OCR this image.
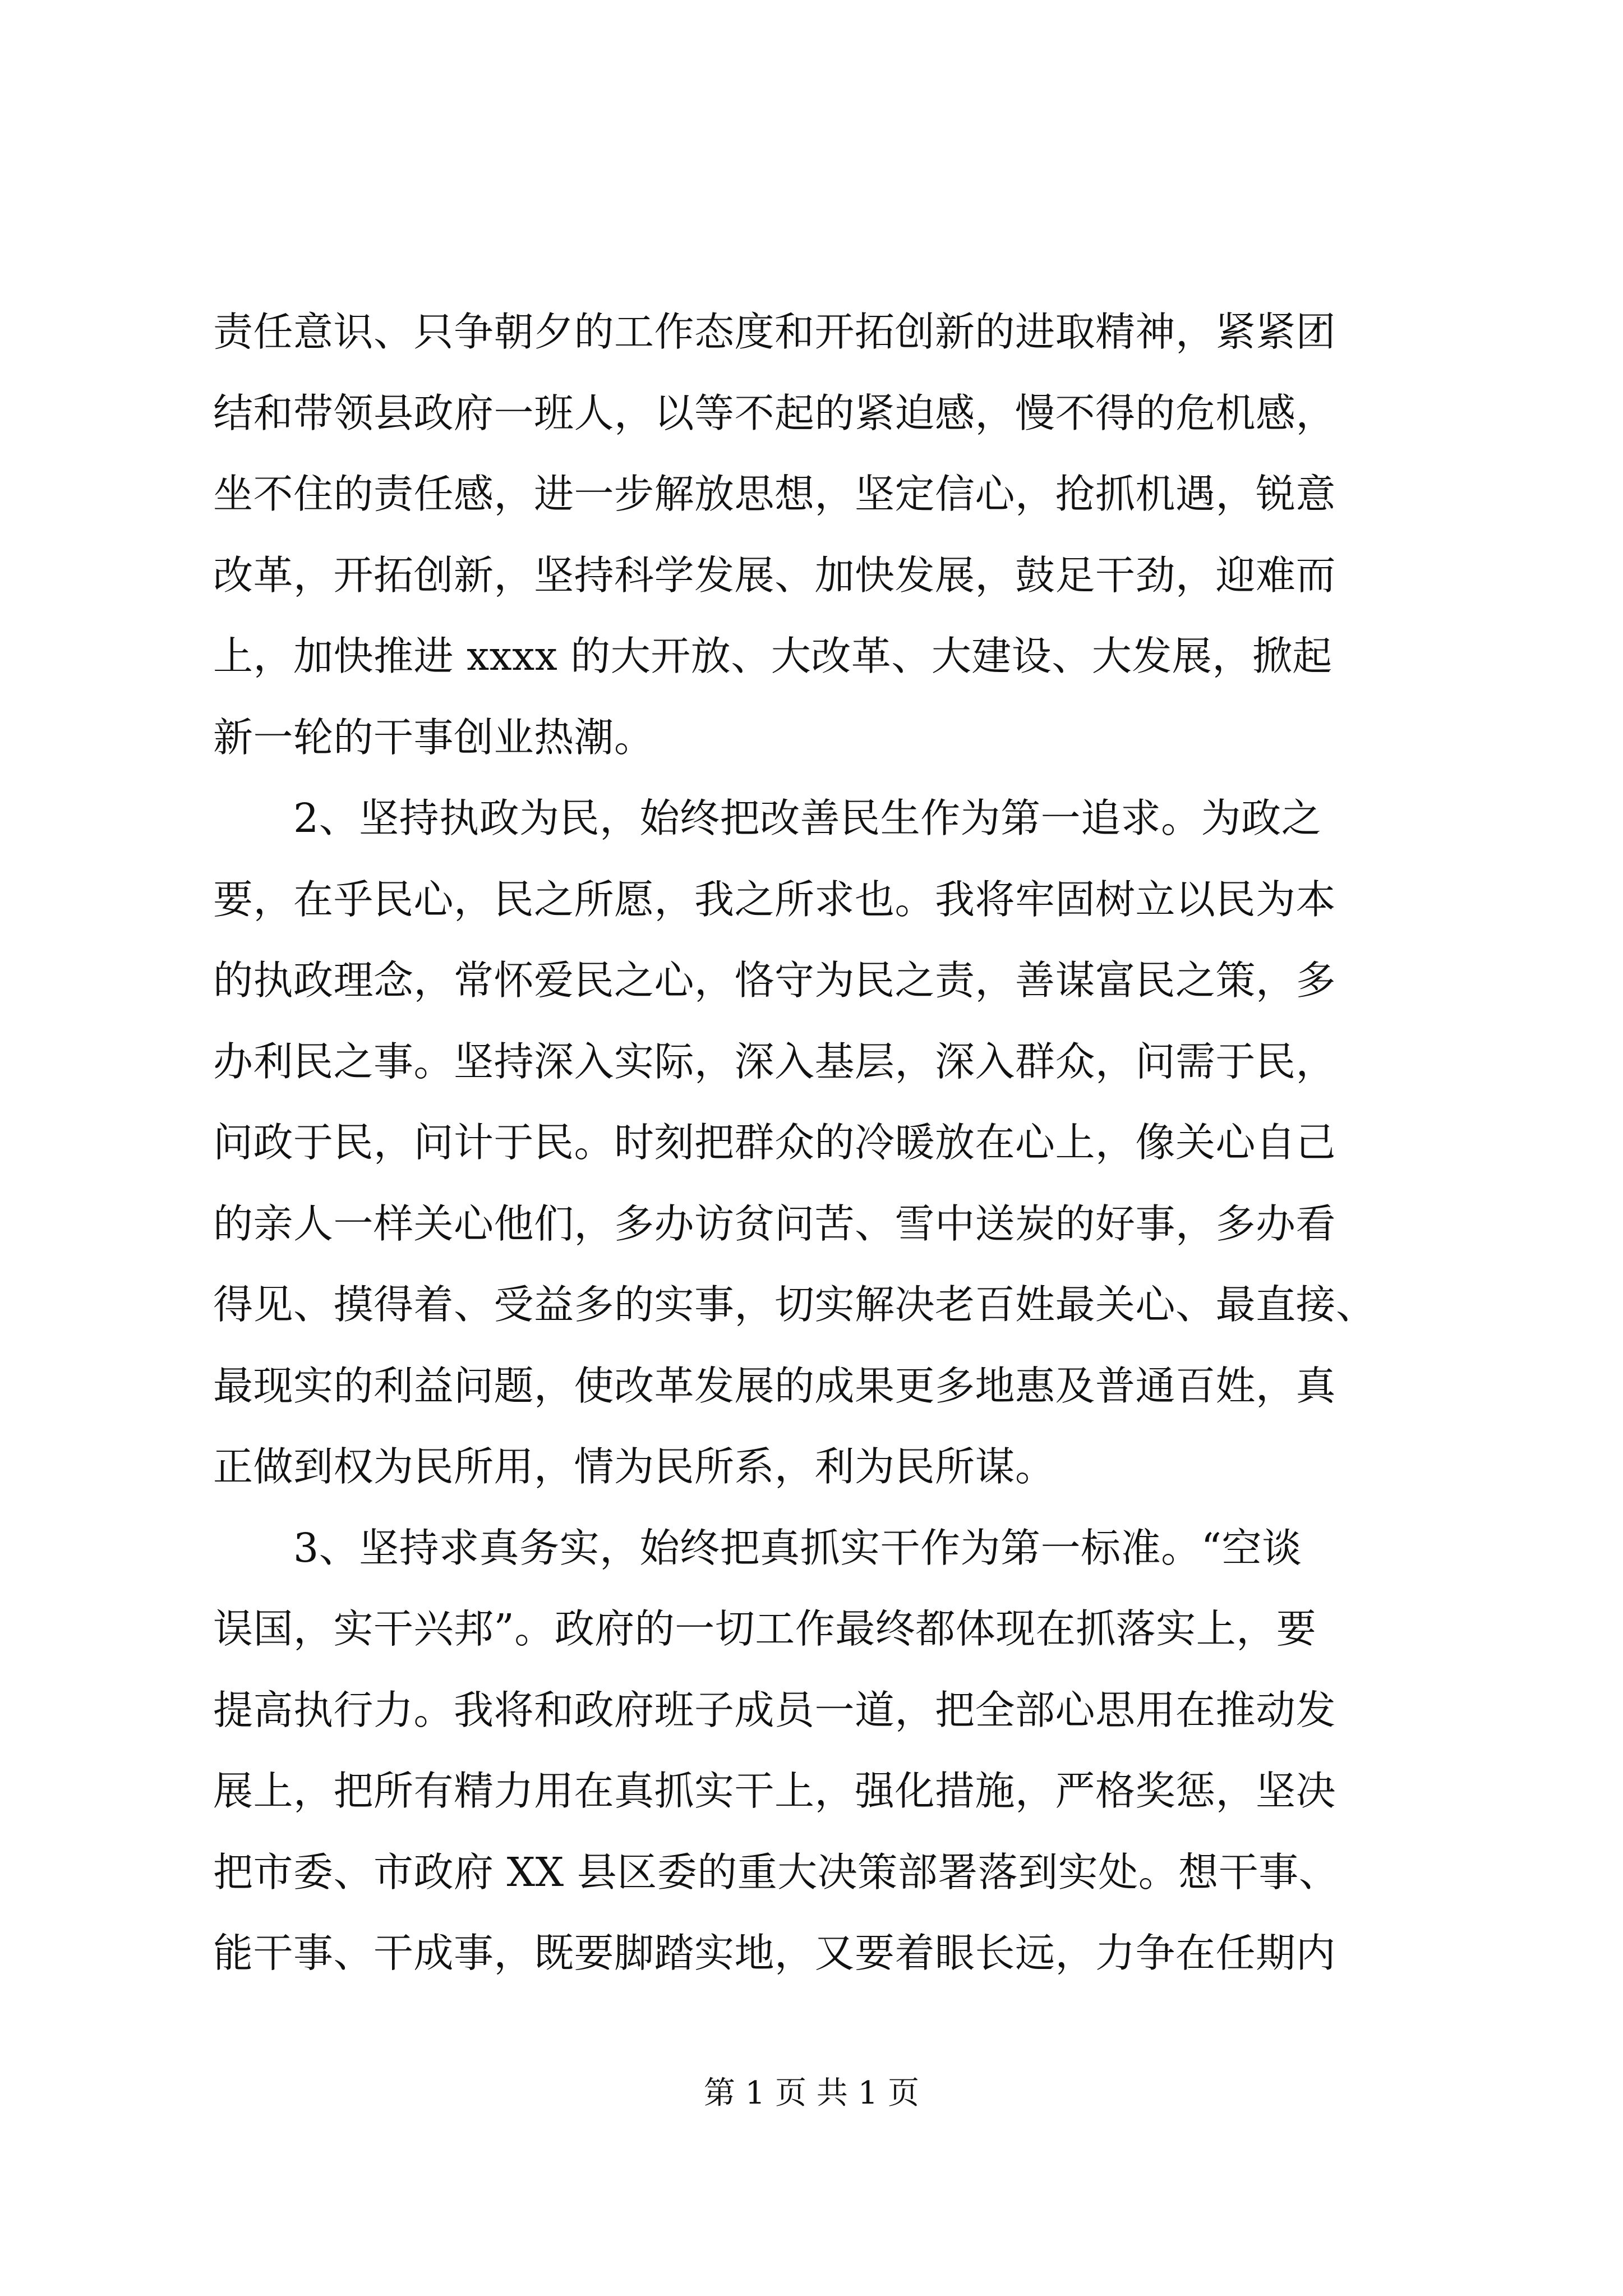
责任意识、只争朝夕的工作态度和开拓创新的进取精神，紧紧团
结和带领县政府一班人，以等不起的紧迫感，慢不得的危机感，
坐不住的责任感，进一步解放思想，坚定信心，抢抓机遇，锐意
改革，开拓创新，坚持科学发展、加快发展，鼓足干劲，迎难而
上，加快推进 xxxx 的大开放、大改革、大建设、大发展，掀起
新一轮的干事创业热潮。
　　2、坚持执政为民，始终把改善民生作为第一追求。为政之
要，在乎民心，民之所愿，我之所求也。我将牢固树立以民为本
的执政理念，常怀爱民之心，恪守为民之责，善谋富民之策，多
办利民之事。坚持深入实际，深入基层，深入群众，问需于民，
问政于民，问计于民。时刻把群众的冷暖放在心上，像关心自己
的亲人一样关心他们，多办访贫问苦、雪中送炭的好事，多办看
得见、摸得着、受益多的实事，切实解决老百姓最关心、最直接、
最现实的利益问题，使改革发展的成果更多地惠及普通百姓，真
正做到权为民所用，情为民所系，利为民所谋。
　　3、坚持求真务实，始终把真抓实干作为第一标准。“空谈
误国，实干兴邦”。政府的一切工作最终都体现在抓落实上，要
提高执行力。我将和政府班子成员一道，把全部心思用在推动发
展上，把所有精力用在真抓实干上，强化措施，严格奖惩，坚决
把市委、市政府 XX 县区委的重大决策部署落到实处。想干事、
能干事、干成事，既要脚踏实地，又要着眼长远，力争在任期内
第 1 页 共 1 页
